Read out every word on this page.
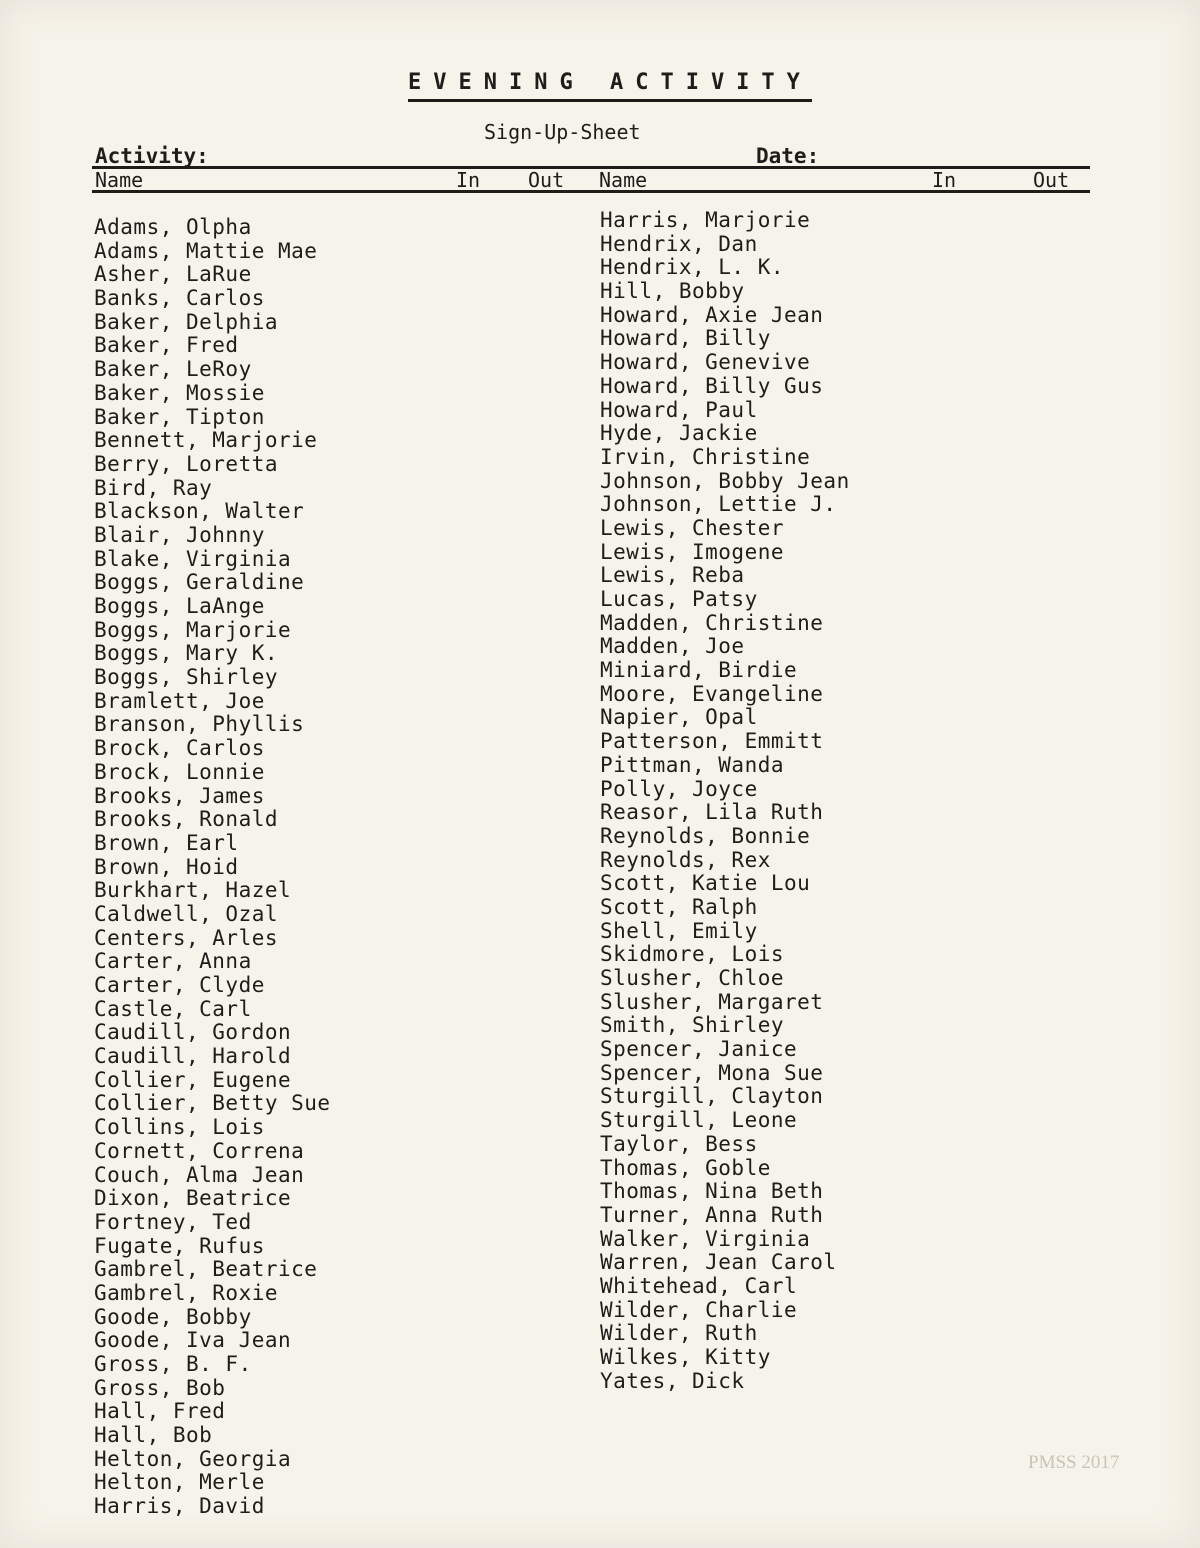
EVENING ACTIVITY
Sign-Up-Sheet
Activity:	Date:
Name	In Out Name	In	Out
Adams, Olpha
Adams, Mattie Mae
Asher, LaRue
Banks, Carlos
Baker, Delphia
Baker, Fred
Baker, LeRoy
Baker, Mossie
Baker, Tipton
Bennett, Marjorie
Berry, Loretta
Bird, Ray
Blackson, Walter
Blair, Johnny
Blake, Virginia
Boggs, Geraldine
Boggs, LaAnge
Boggs, Marjorie
Boggs, Mary K.
Boggs, Shirley
Bramlett, Joe
Branson, Phyllis
Brock, Carlos
Brock, Lonnie
Brooks, James
Brooks, Ronald
Brown, Earl
Brown, Hoid
Burkhart, Hazel
Caldwell, Ozal
Centers, Arles
Carter, Anna
Carter, Clyde
Castle, Carl
Caudill, Gordon
Caudill, Harold
Collier, Eugene
Collier, Betty Sue
Collins, Lois
Cornett, Correna
Couch, Alma Jean
Dixon, Beatrice
Fortney, Ted
Fugate, Rufus
Gambrel, Beatrice
Gambrel, Roxie
Goode, Bobby
Goode, Iva Jean
Gross, B. F.
Gross, Bob
Hall, Fred
Hall, Bob
Helton, Georgia
Helton, Merle
Harris, David
Harris, Marjorie
Hendrix, Dan
Hendrix, L. K.
Hill, Bobby
Howard, Axie Jean
Howard, Billy
Howard, Genevive
Howard, Billy Gus
Howard, Paul
Hyde, Jackie
Irvin, Christine
Johnson, Bobby Jean
Johnson, Lettie J.
Lewis, Chester
Lewis, Imogene
Lewis, Reba
Lucas, Patsy
Madden, Christine
Madden, Joe
Miniard, Birdie
Moore, Evangeline
Napier, Opal
Patterson, Emmitt
Pittman, Wanda
Polly, Joyce
Reasor, Lila Ruth
Reynolds, Bonnie
Reynolds, Rex
Scott, Katie Lou
Scott, Ralph
Shell, Emily
Skidmore, Lois
Slusher, Chloe
Slusher, Margaret
Smith, Shirley
Spencer, Janice
Spencer, Mona Sue
Sturgill, Clayton
Sturgill, Leone
Taylor, Bess
Thomas, Goble
Thomas, Nina Beth
Turner, Anna Ruth
Walker, Virginia
Warren, Jean Carol
Whitehead, Carl
Wilder, Charlie
Wilder, Ruth
Wilkes, Kitty
Yates, Dick
PMSS 2017
